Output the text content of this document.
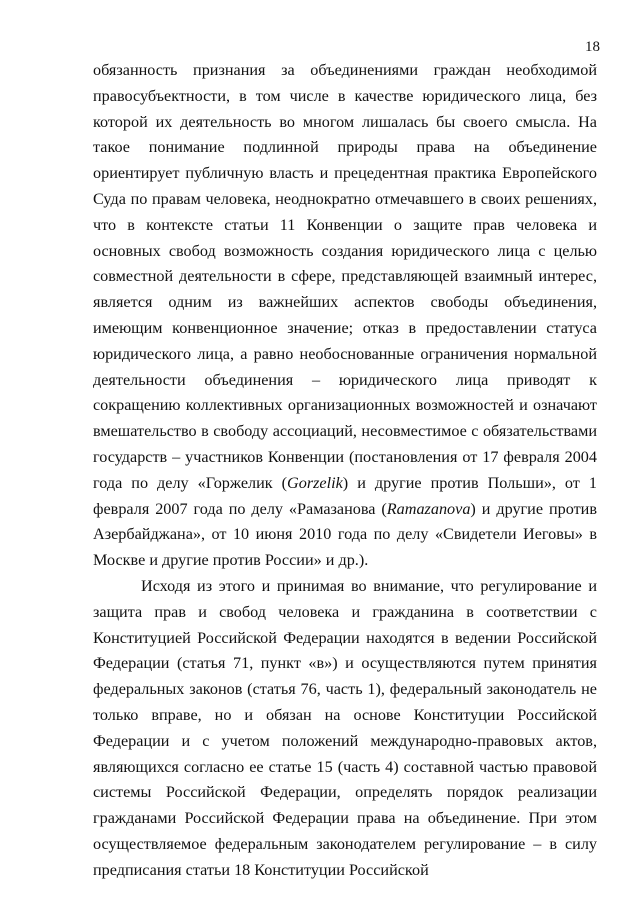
18

обязанность признания за объединениями граждан необходимой правосубъектности, в том числе в качестве юридического лица, без которой их деятельность во многом лишалась бы своего смысла. На такое понимание подлинной природы права на объединение ориентирует публичную власть и прецедентная практика Европейского Суда по правам человека, неоднократно отмечавшего в своих решениях, что в контексте статьи 11 Конвенции о защите прав человека и основных свобод возможность создания юридического лица с целью совместной деятельности в сфере, представляющей взаимный интерес, является одним из важнейших аспектов свободы объединения, имеющим конвенционное значение; отказ в предоставлении статуса юридического лица, а равно необоснованные ограничения нормальной деятельности объединения – юридического лица приводят к сокращению коллективных организационных возможностей и означают вмешательство в свободу ассоциаций, несовместимое с обязательствами государств – участников Конвенции (постановления от 17 февраля 2004 года по делу «Горжелик (Gorzelik) и другие против Польши», от 1 февраля 2007 года по делу «Рамазанова (Ramazanova) и другие против Азербайджана», от 10 июня 2010 года по делу «Свидетели Иеговы» в Москве и другие против России» и др.).

Исходя из этого и принимая во внимание, что регулирование и защита прав и свобод человека и гражданина в соответствии с Конституцией Российской Федерации находятся в ведении Российской Федерации (статья 71, пункт «в») и осуществляются путем принятия федеральных законов (статья 76, часть 1), федеральный законодатель не только вправе, но и обязан на основе Конституции Российской Федерации и с учетом положений международно-правовых актов, являющихся согласно ее статье 15 (часть 4) составной частью правовой системы Российской Федерации, определять порядок реализации гражданами Российской Федерации права на объединение. При этом осуществляемое федеральным законодателем регулирование – в силу предписания статьи 18 Конституции Российской
